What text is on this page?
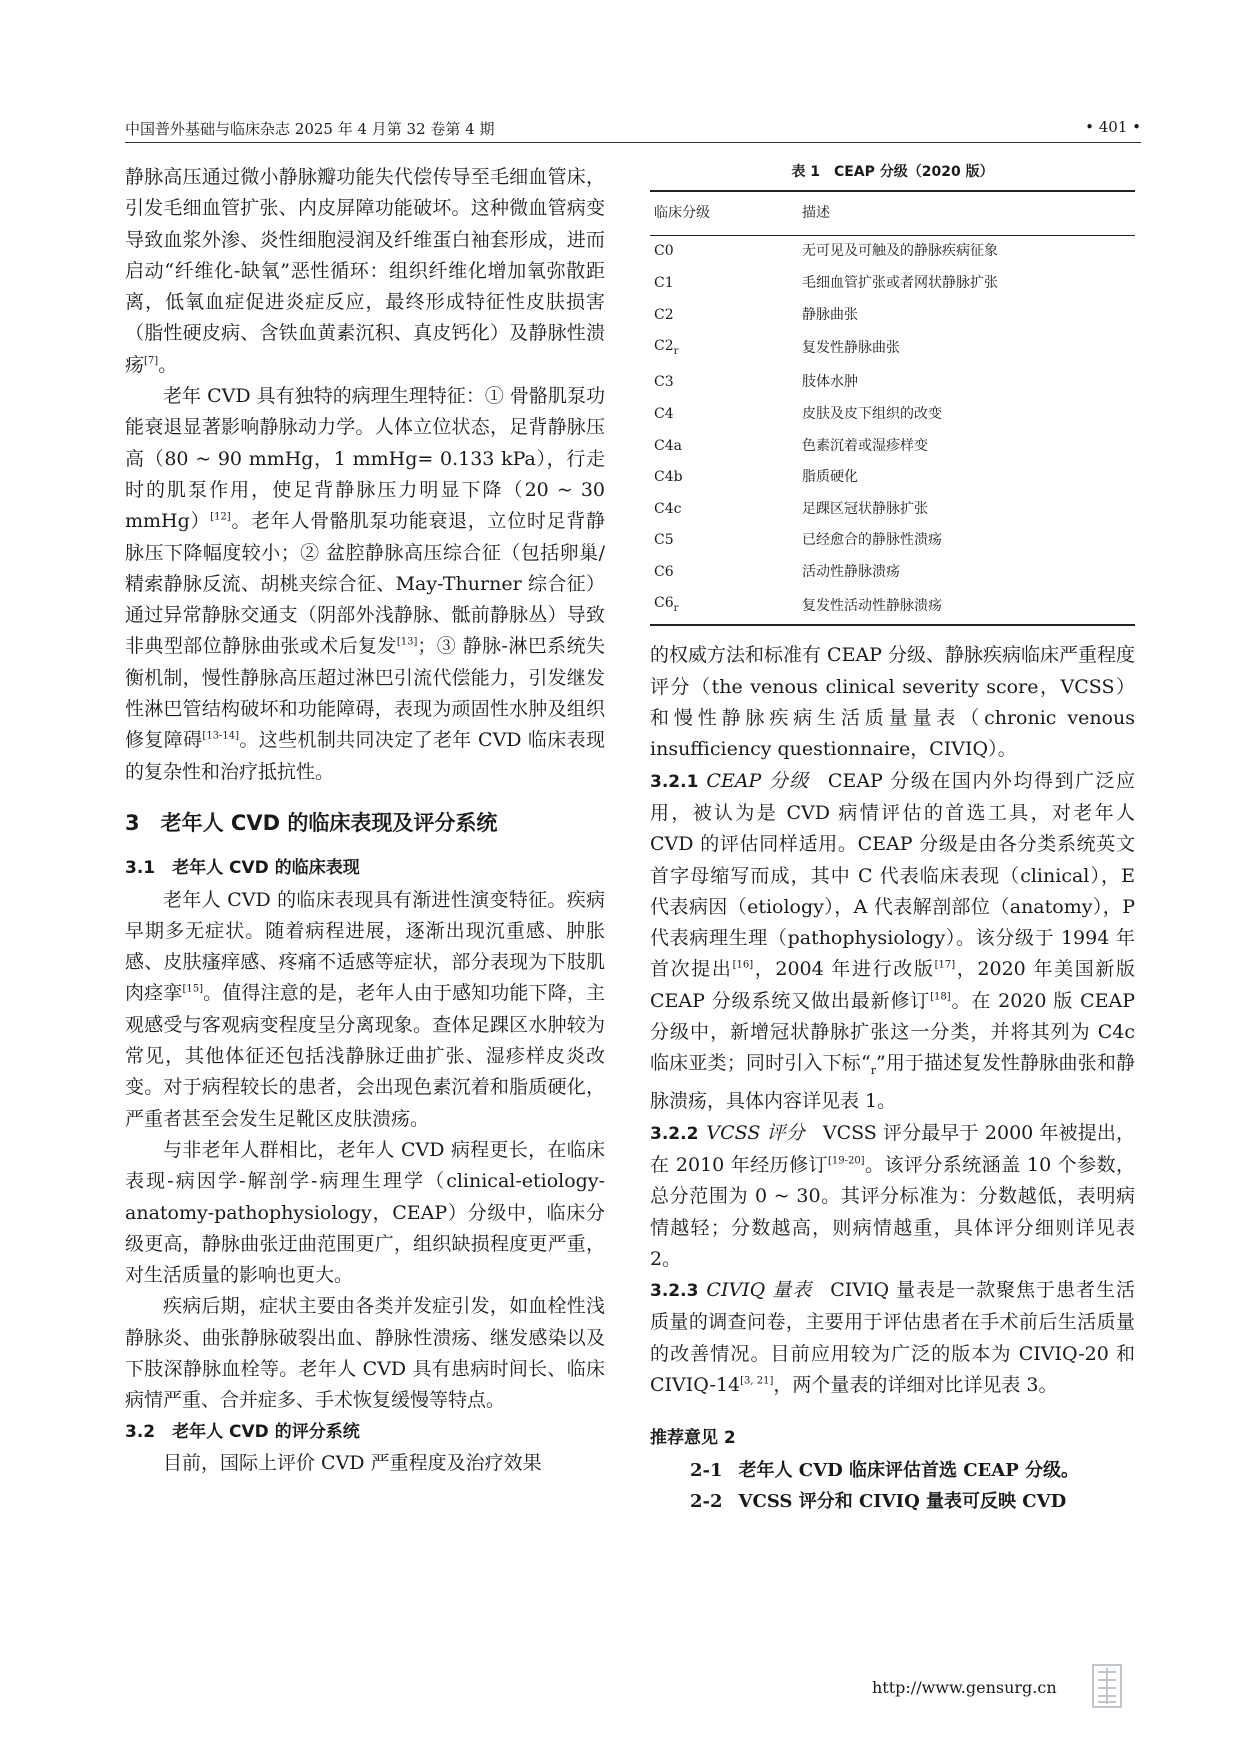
中国普外基础与临床杂志 2025 年 4 月第 32 卷第 4 期	• 401 •

静脉高压通过微小静脉瓣功能失代偿传导至毛细血管床，引发毛细血管扩张、内皮屏障功能破坏。这种微血管病变导致血浆外渗、炎性细胞浸润及纤维蛋白袖套形成，进而启动“纤维化-缺氧”恶性循环：组织纤维化增加氧弥散距离，低氧血症促进炎症反应，最终形成特征性皮肤损害（脂性硬皮病、含铁血黄素沉积、真皮钙化）及静脉性溃疡[7]。

老年 CVD 具有独特的病理生理特征：① 骨骼肌泵功能衰退显著影响静脉动力学。人体立位状态，足背静脉压高（80 ~ 90 mmHg，1 mmHg= 0.133 kPa），行走时的肌泵作用，使足背静脉压力明显下降（20 ~ 30 mmHg）[12]。老年人骨骼肌泵功能衰退，立位时足背静脉压下降幅度较小；② 盆腔静脉高压综合征（包括卵巢/精索静脉反流、胡桃夹综合征、May-Thurner 综合征）通过异常静脉交通支（阴部外浅静脉、骶前静脉丛）导致非典型部位静脉曲张或术后复发[13]；③ 静脉-淋巴系统失衡机制，慢性静脉高压超过淋巴引流代偿能力，引发继发性淋巴管结构破坏和功能障碍，表现为顽固性水肿及组织修复障碍[13-14]。这些机制共同决定了老年 CVD 临床表现的复杂性和治疗抵抗性。

3　老年人 CVD 的临床表现及评分系统
3.1　老年人 CVD 的临床表现

老年人 CVD 的临床表现具有渐进性演变特征。疾病早期多无症状。随着病程进展，逐渐出现沉重感、肿胀感、皮肤瘙痒感、疼痛不适感等症状，部分表现为下肢肌肉痉挛[15]。值得注意的是，老年人由于感知功能下降，主观感受与客观病变程度呈分离现象。查体足踝区水肿较为常见，其他体征还包括浅静脉迂曲扩张、湿疹样皮炎改变。对于病程较长的患者，会出现色素沉着和脂质硬化，严重者甚至会发生足靴区皮肤溃疡。

与非老年人群相比，老年人 CVD 病程更长，在临床表现-病因学-解剖学-病理生理学（clinical-etiology-anatomy-pathophysiology，CEAP）分级中，临床分级更高，静脉曲张迂曲范围更广，组织缺损程度更严重，对生活质量的影响也更大。

疾病后期，症状主要由各类并发症引发，如血栓性浅静脉炎、曲张静脉破裂出血、静脉性溃疡、继发感染以及下肢深静脉血栓等。老年人 CVD 具有患病时间长、临床病情严重、合并症多、手术恢复缓慢等特点。

3.2　老年人 CVD 的评分系统

目前，国际上评价 CVD 严重程度及治疗效果

表 1　CEAP 分级（2020 版）
临床分级	描述
C0	无可见及可触及的静脉疾病征象
C1	毛细血管扩张或者网状静脉扩张
C2	静脉曲张
$C2_r$	复发性静脉曲张
C3	肢体水肿
C4	皮肤及皮下组织的改变
C4a	色素沉着或湿疹样变
C4b	脂质硬化
C4c	足踝区冠状静脉扩张
C5	已经愈合的静脉性溃疡
C6	活动性静脉溃疡
$C6_r$	复发性活动性静脉溃疡

的权威方法和标准有 CEAP 分级、静脉疾病临床严重程度评分（the venous clinical severity score，VCSS）和慢性静脉疾病生活质量量表（chronic venous insufficiency questionnaire，CIVIQ）。

3.2.1 CEAP 分级 CEAP 分级在国内外均得到广泛应用，被认为是 CVD 病情评估的首选工具，对老年人 CVD 的评估同样适用。CEAP 分级是由各分类系统英文首字母缩写而成，其中 C 代表临床表现（clinical），E 代表病因（etiology），A 代表解剖部位（anatomy），P 代表病理生理（pathophysiology）。该分级于 1994 年首次提出[16]，2004 年进行改版[17]，2020 年美国新版 CEAP 分级系统又做出最新修订[18]。在 2020 版 CEAP 分级中，新增冠状静脉扩张这一分类，并将其列为 C4c 临床亚类；同时引入下标“$_r$”用于描述复发性静脉曲张和静脉溃疡，具体内容详见表 1。

3.2.2 VCSS 评分 VCSS 评分最早于 2000 年被提出，在 2010 年经历修订[19-20]。该评分系统涵盖 10 个参数，总分范围为 0 ~ 30。其评分标准为：分数越低，表明病情越轻；分数越高，则病情越重，具体评分细则详见表 2。

3.2.3 CIVIQ 量表 CIVIQ 量表是一款聚焦于患者生活质量的调查问卷，主要用于评估患者在手术前后生活质量的改善情况。目前应用较为广泛的版本为 CIVIQ-20 和 CIVIQ-14[3, 21]，两个量表的详细对比详见表 3。

推荐意见 2
2-1 老年人 CVD 临床评估首选 CEAP 分级。
2-2 VCSS 评分和 CIVIQ 量表可反映 CVD
http://www.gensurg.cn
